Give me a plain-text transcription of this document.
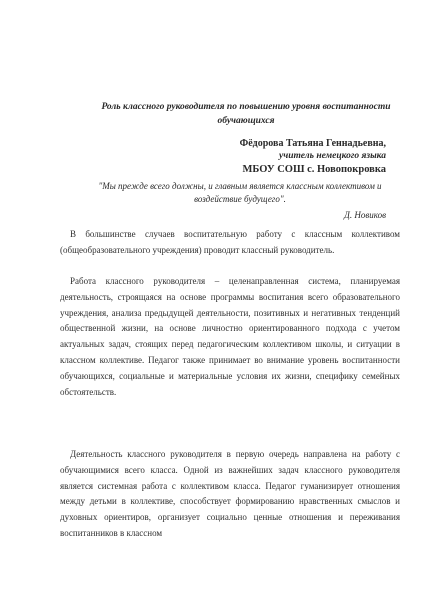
Роль классного руководителя по повышению уровня воспитанности обучающихся
Фёдорова Татьяна Геннадьевна,
учитель немецкого языка
МБОУ СОШ с. Новопокровка
"Мы прежде всего должны, и главным является классным коллективом и воздействие будущего".
Д. Новиков
В большинстве случаев воспитательную работу с классным коллективом (общеобразовательного учреждения) проводит классный руководитель.
Работа классного руководителя – целенаправленная система, планируемая деятельность, строящаяся на основе программы воспитания всего образовательного учреждения, анализа предыдущей деятельности, позитивных и негативных тенденций общественной жизни, на основе личностно ориентированного подхода с учетом актуальных задач, стоящих перед педагогическим коллективом школы, и ситуации в классном коллективе. Педагог также принимает во внимание уровень воспитанности обучающихся, социальные и материальные условия их жизни, специфику семейных обстоятельств.
Деятельность классного руководителя в первую очередь направлена на работу с обучающимися всего класса. Одной из важнейших задач классного руководителя является системная работа с коллективом класса. Педагог гуманизирует отношения между детьми в коллективе, способствует формированию нравственных смыслов и духовных ориентиров, организует социально ценные отношения и переживания воспитанников в классном
